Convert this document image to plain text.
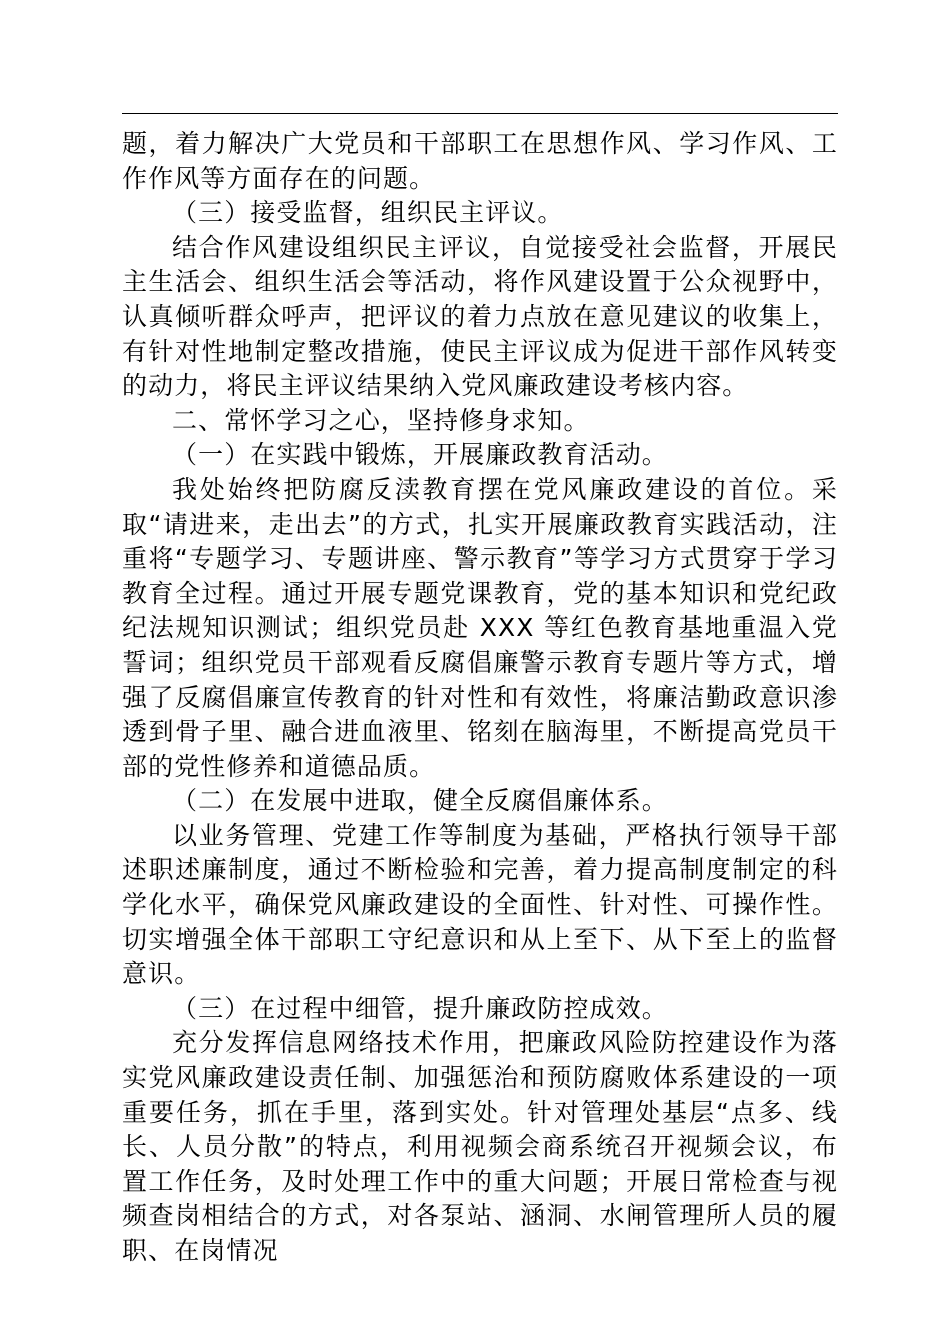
题，着力解决广大党员和干部职工在思想作风、学习作风、工作作风等方面存在的问题。

（三）接受监督，组织民主评议。

结合作风建设组织民主评议，自觉接受社会监督，开展民主生活会、组织生活会等活动，将作风建设置于公众视野中，认真倾听群众呼声，把评议的着力点放在意见建议的收集上，有针对性地制定整改措施，使民主评议成为促进干部作风转变的动力，将民主评议结果纳入党风廉政建设考核内容。

二、常怀学习之心，坚持修身求知。

（一）在实践中锻炼，开展廉政教育活动。

我处始终把防腐反渎教育摆在党风廉政建设的首位。采取“请进来，走出去”的方式，扎实开展廉政教育实践活动，注重将“专题学习、专题讲座、警示教育”等学习方式贯穿于学习教育全过程。通过开展专题党课教育，党的基本知识和党纪政纪法规知识测试；组织党员赴 XXX 等红色教育基地重温入党誓词；组织党员干部观看反腐倡廉警示教育专题片等方式，增强了反腐倡廉宣传教育的针对性和有效性，将廉洁勤政意识渗透到骨子里、融合进血液里、铭刻在脑海里，不断提高党员干部的党性修养和道德品质。

（二）在发展中进取，健全反腐倡廉体系。

以业务管理、党建工作等制度为基础，严格执行领导干部述职述廉制度，通过不断检验和完善，着力提高制度制定的科学化水平，确保党风廉政建设的全面性、针对性、可操作性。切实增强全体干部职工守纪意识和从上至下、从下至上的监督意识。

（三）在过程中细管，提升廉政防控成效。

充分发挥信息网络技术作用，把廉政风险防控建设作为落实党风廉政建设责任制、加强惩治和预防腐败体系建设的一项重要任务，抓在手里，落到实处。针对管理处基层“点多、线长、人员分散”的特点，利用视频会商系统召开视频会议，布置工作任务，及时处理工作中的重大问题；开展日常检查与视频查岗相结合的方式，对各泵站、涵洞、水闸管理所人员的履职、在岗情况
